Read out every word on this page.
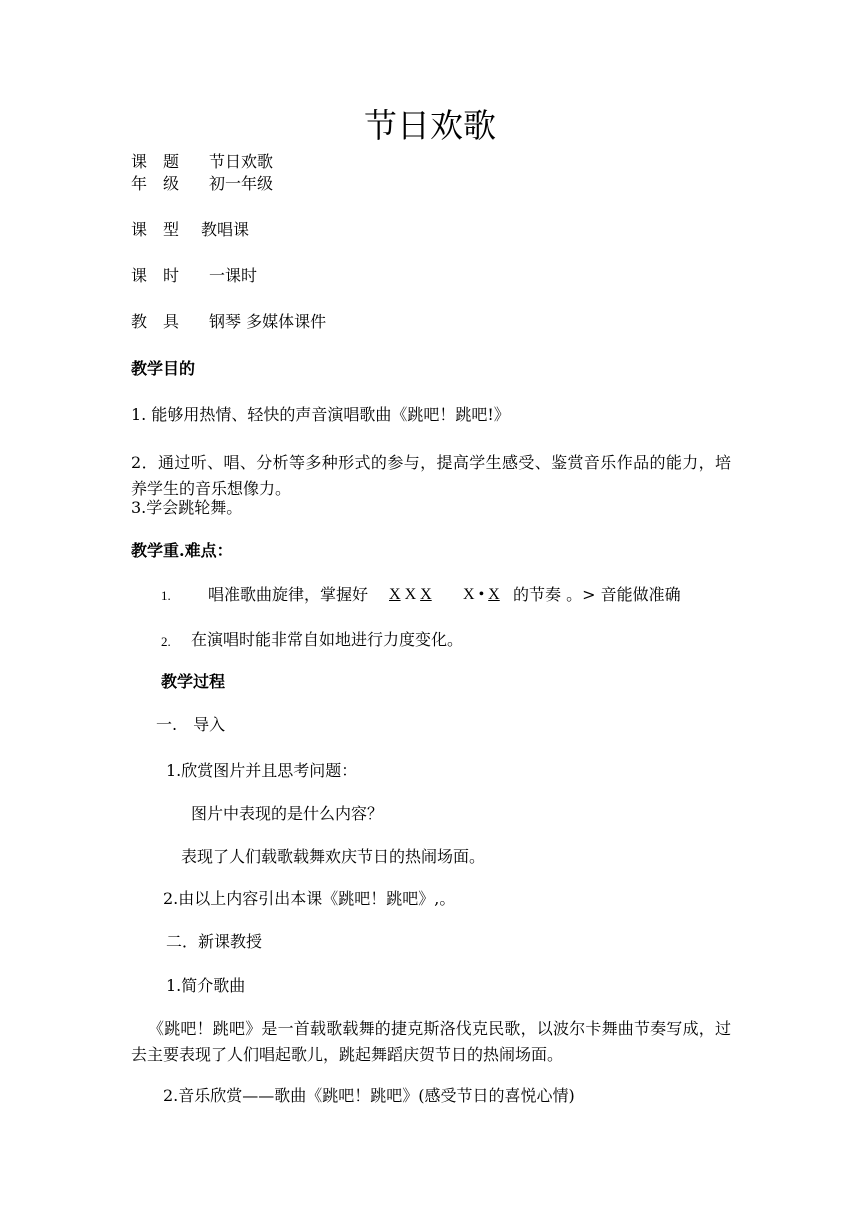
节日欢歌
课　题 节日欢歌
年　级 初一年级
课　型 教唱课
课　时 一课时
教　具 钢琴 多媒体课件
教学目的
1. 能够用热情、轻快的声音演唱歌曲《跳吧！跳吧!》
2．通过听、唱、分析等多种形式的参与，提高学生感受、鉴赏音乐作品的能力，培养学生的音乐想像力。
3.学会跳轮舞。
教学重.难点：
1. 唱准歌曲旋律，掌握好 X X X X • X 的节奏 。> 音能做准确
2. 在演唱时能非常自如地进行力度变化。
教学过程
一.　导入
1.欣赏图片并且思考问题：
图片中表现的是什么内容？
表现了人们载歌载舞欢庆节日的热闹场面。
2.由以上内容引出本课《跳吧！跳吧》,。
二．新课教授
1.简介歌曲
《跳吧！跳吧》是一首载歌载舞的捷克斯洛伐克民歌，以波尔卡舞曲节奏写成，过去主要表现了人们唱起歌儿，跳起舞蹈庆贺节日的热闹场面。
2.音乐欣赏——歌曲《跳吧！跳吧》(感受节日的喜悦心情)
